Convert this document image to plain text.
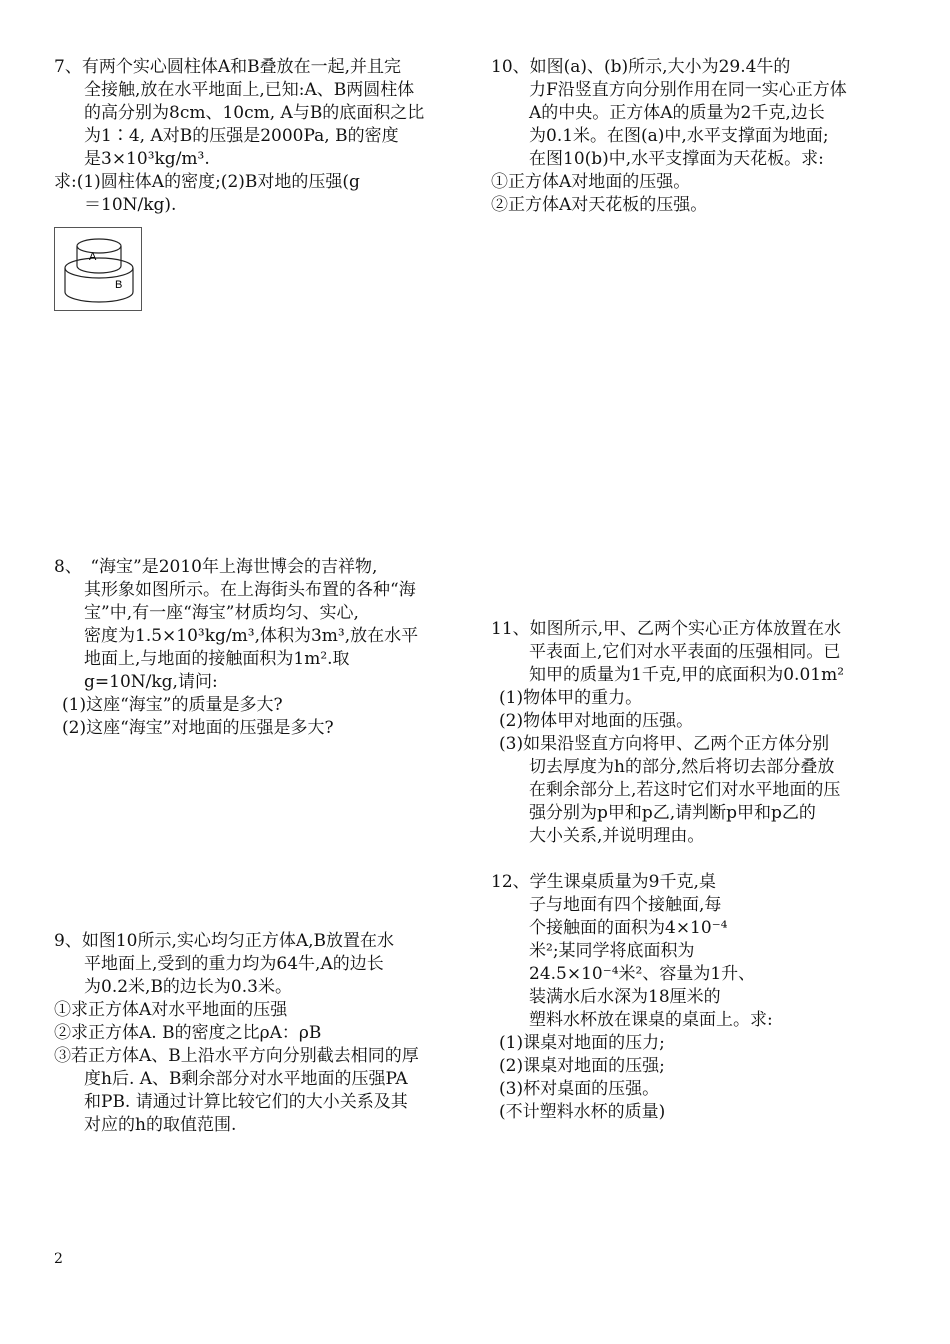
7、有两个实心圆柱体A和B叠放在一起,并且完

全接触,放在水平地面上,已知:A、B两圆柱体

的高分别为8cm、10cm, A与B的底面积之比

为1∶4, A对B的压强是2000Pa, B的密度

是3×10³kg/m³.

求:(1)圆柱体A的密度;(2)B对地的压强(g

＝10N/kg).

A
B

8、　“海宝”是2010年上海世博会的吉祥物,

其形象如图所示。在上海街头布置的各种“海

宝”中,有一座“海宝”材质均匀、实心,

密度为1.5×10³kg/m³,体积为3m³,放在水平

地面上,与地面的接触面积为1m².取

g=10N/kg,请问:

(1)这座“海宝”的质量是多大?

(2)这座“海宝”对地面的压强是多大?

9、如图10所示,实心均匀正方体A,B放置在水

平地面上,受到的重力均为64牛,A的边长

为0.2米,B的边长为0.3米。

①求正方体A对水平地面的压强

②求正方体A. B的密度之比ρA：ρB

③若正方体A、B上沿水平方向分别截去相同的厚

度h后. A、B剩余部分对水平地面的压强PA

和PB. 请通过计算比较它们的大小关系及其

对应的h的取值范围.

10、如图(a)、(b)所示,大小为29.4牛的

力F沿竖直方向分别作用在同一实心正方体

A的中央。正方体A的质量为2千克,边长

为0.1米。在图(a)中,水平支撑面为地面;

在图10(b)中,水平支撑面为天花板。求:

①正方体A对地面的压强。

②正方体A对天花板的压强。

11、如图所示,甲、乙两个实心正方体放置在水

平表面上,它们对水平表面的压强相同。已

知甲的质量为1千克,甲的底面积为0.01m²

(1)物体甲的重力。

(2)物体甲对地面的压强。

(3)如果沿竖直方向将甲、乙两个正方体分别

切去厚度为h的部分,然后将切去部分叠放

在剩余部分上,若这时它们对水平地面的压

强分别为p甲和p乙,请判断p甲和p乙的

大小关系,并说明理由。

12、学生课桌质量为9千克,桌

子与地面有四个接触面,每

个接触面的面积为4×10⁻⁴

米²;某同学将底面积为

24.5×10⁻⁴米²、容量为1升、

装满水后水深为18厘米的

塑料水杯放在课桌的桌面上。求:

(1)课桌对地面的压力;

(2)课桌对地面的压强;

(3)杯对桌面的压强。

(不计塑料水杯的质量)

2
